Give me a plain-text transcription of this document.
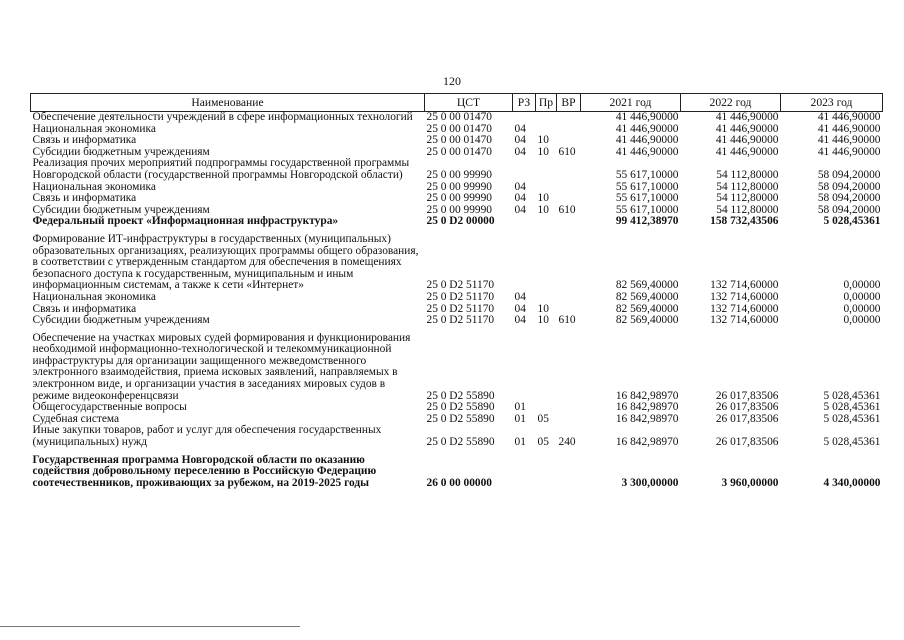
120
Наименование	ЦСТ	РЗ	Пр	ВР	2021 год	2022 год	2023 год
Обеспечение деятельности учреждений в сфере информационных технологий	25 0 00 01470				41 446,90000	41 446,90000	41 446,90000
Национальная экономика	25 0 00 01470	04			41 446,90000	41 446,90000	41 446,90000
Связь и информатика	25 0 00 01470	04	10		41 446,90000	41 446,90000	41 446,90000
Субсидии бюджетным учреждениям	25 0 00 01470	04	10	610	41 446,90000	41 446,90000	41 446,90000
Реализация прочих мероприятий подпрограммы государственной программы Новгородской области (государственной программы Новгородской области)	25 0 00 99990				55 617,10000	54 112,80000	58 094,20000
Национальная экономика	25 0 00 99990	04			55 617,10000	54 112,80000	58 094,20000
Связь и информатика	25 0 00 99990	04	10		55 617,10000	54 112,80000	58 094,20000
Субсидии бюджетным учреждениям	25 0 00 99990	04	10	610	55 617,10000	54 112,80000	58 094,20000
Федеральный проект «Информационная инфраструктура»	25 0 D2 00000				99 412,38970	158 732,43506	5 028,45361
Формирование ИТ-инфраструктуры в государственных (муниципальных) образовательных организациях, реализующих программы общего образования, в соответствии с утвержденным стандартом для обеспечения в помещениях безопасного доступа к государственным, муниципальным и иным информационным системам, а также к сети «Интернет»	25 0 D2 51170				82 569,40000	132 714,60000	0,00000
Национальная экономика	25 0 D2 51170	04			82 569,40000	132 714,60000	0,00000
Связь и информатика	25 0 D2 51170	04	10		82 569,40000	132 714,60000	0,00000
Субсидии бюджетным учреждениям	25 0 D2 51170	04	10	610	82 569,40000	132 714,60000	0,00000
Обеспечение на участках мировых судей формирования и функционирования необходимой информационно-технологической и телекоммуникационной инфраструктуры для организации защищенного межведомственного электронного взаимодействия, приема исковых заявлений, направляемых в электронном виде, и организации участия в заседаниях мировых судов в режиме видеоконференцсвязи	25 0 D2 55890				16 842,98970	26 017,83506	5 028,45361
Общегосударственные вопросы	25 0 D2 55890	01			16 842,98970	26 017,83506	5 028,45361
Судебная система	25 0 D2 55890	01	05		16 842,98970	26 017,83506	5 028,45361
Иные закупки товаров, работ и услуг для обеспечения государственных (муниципальных) нужд	25 0 D2 55890	01	05	240	16 842,98970	26 017,83506	5 028,45361
Государственная программа Новгородской области по оказанию содействия добровольному переселению в Российскую Федерацию соотечественников, проживающих за рубежом, на 2019-2025 годы	26 0 00 00000				3 300,00000	3 960,00000	4 340,00000
